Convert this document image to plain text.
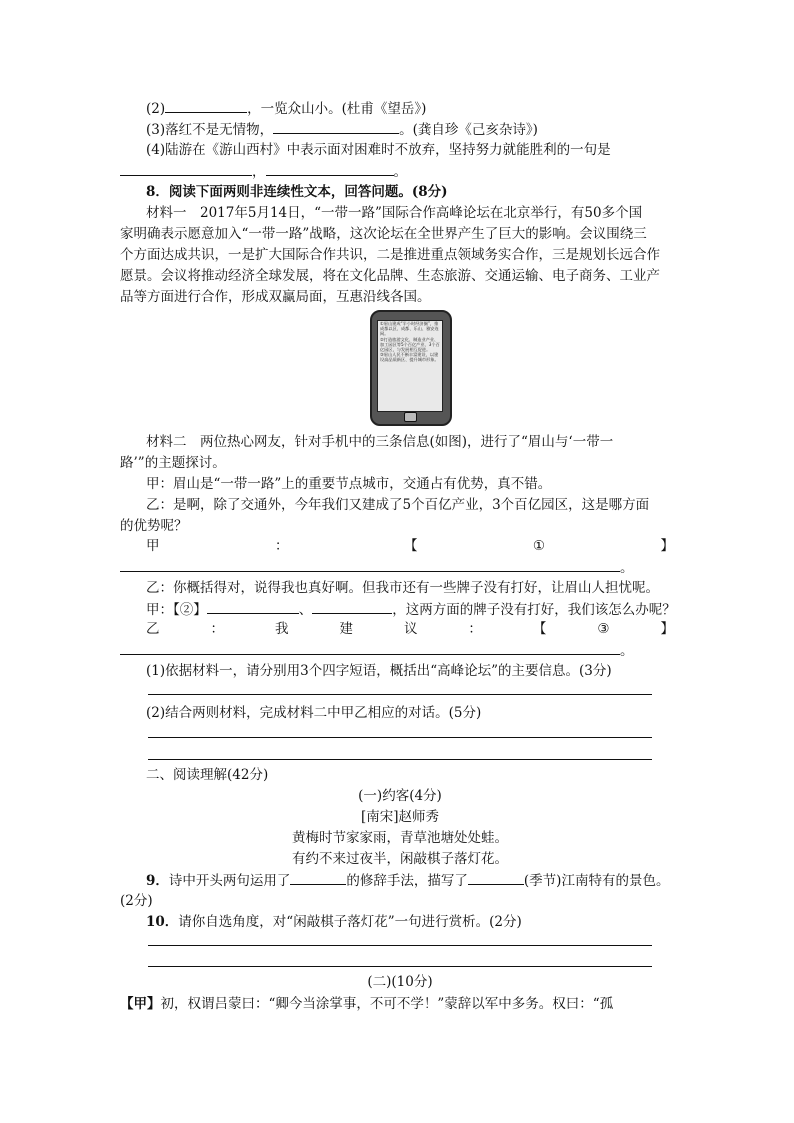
(2)	，一览众山小。(杜甫《望岳》)
(3)落红不是无情物，	。(龚自珍《己亥杂诗》)
(4)陆游在《游山西村》中表示面对困难时不放弃，坚持努力就能胜利的一句是
，	。
8．阅读下面两则非连续性文本，回答问题。(8分)
材料一　2017年5月14日，“一带一路”国际合作高峰论坛在北京举行，有50多个国
家明确表示愿意加入“一带一路”战略，这次论坛在全世界产生了巨大的影响。会议围绕三
个方面达成共识，一是扩大国际合作共识，二是推进重点领域务实合作，三是规划长远合作
愿景。会议将推动经济全球发展，将在文化品牌、生态旅游、交通运输、电子商务、工业产
品等方面进行合作，形成双赢局面，互惠沿线各国。
①眉山建成“半小时经济圈”，推成都以区、成都、乐山、雅安连网。
②打造旅游文化、制造业产业、加工园区等5个百亿产业、3个百亿园区，与发展相互促进。
③眉山人民不断丰富建设，以建设高品质新区、提升城市形象。
材料二　两位热心网友，针对手机中的三条信息(如图)，进行了“眉山与‘一带一
路’”的主题探讨。
甲：眉山是“一带一路”上的重要节点城市，交通占有优势，真不错。
乙：是啊，除了交通外，今年我们又建成了5个百亿产业，3个百亿园区，这是哪方面
的优势呢？
甲	：	【	①	】
。
乙：你概括得对，说得我也真好啊。但我市还有一些牌子没有打好，让眉山人担忧呢。
甲：【②】	、	，这两方面的牌子没有打好，我们该怎么办呢？
乙	：	我	建	议	：	【	③	】
。
(1)依据材料一，请分别用3个四字短语，概括出“高峰论坛”的主要信息。(3分)
(2)结合两则材料，完成材料二中甲乙相应的对话。(5分)
二、阅读理解(42分)
(一)约客(4分)
[南宋]赵师秀
黄梅时节家家雨，青草池塘处处蛙。
有约不来过夜半，闲敲棋子落灯花。
9．诗中开头两句运用了	的修辞手法，描写了	(季节)江南特有的景色。
(2分)
10．请你自选角度，对“闲敲棋子落灯花”一句进行赏析。(2分)
(二)(10分)
【甲】初，权谓吕蒙曰：“卿今当涂掌事，不可不学！”蒙辞以军中多务。权曰：“孤
